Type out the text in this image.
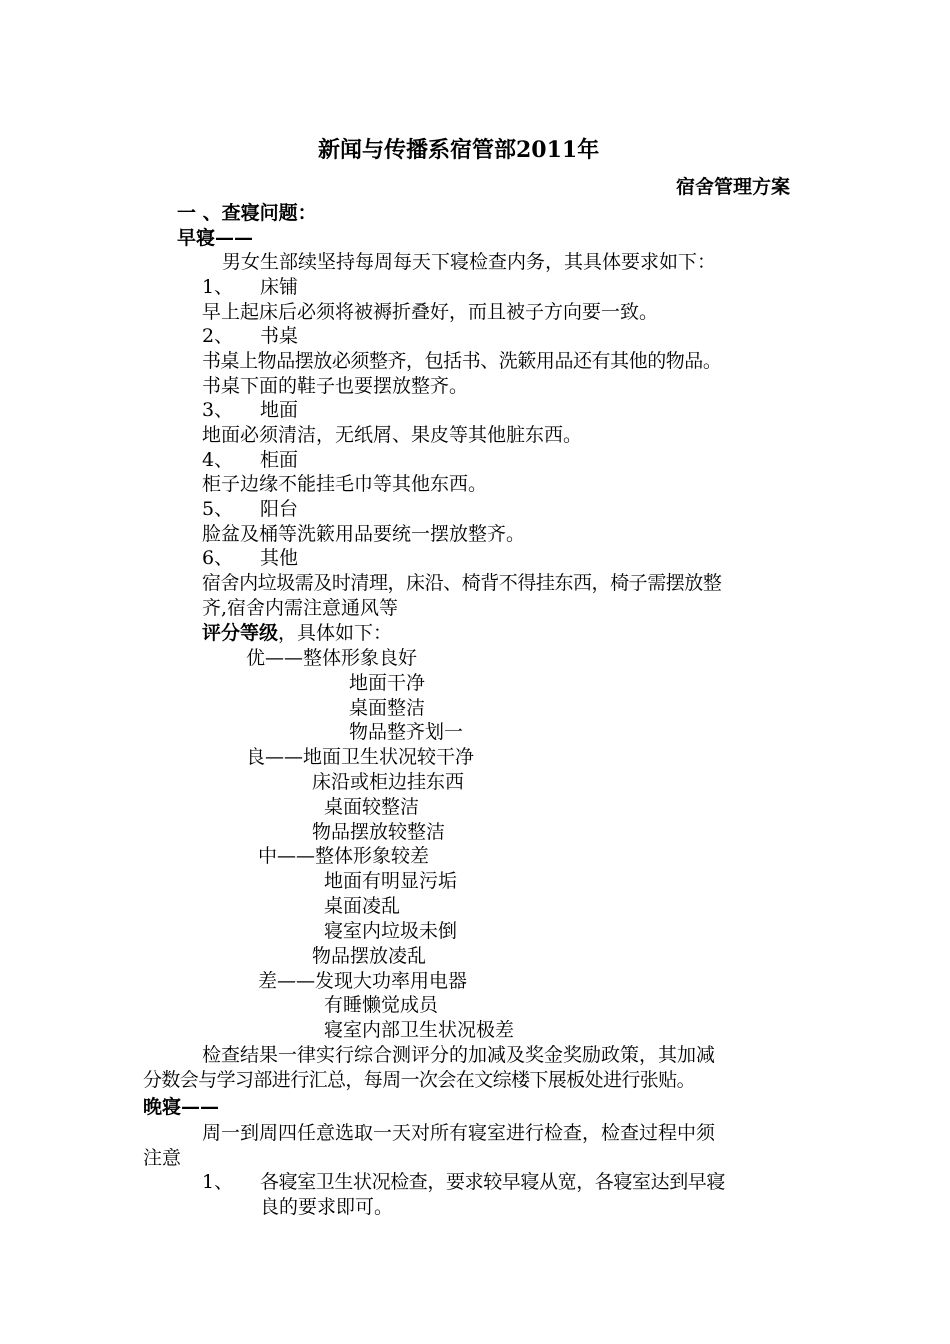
新闻与传播系宿管部2011年
宿舍管理方案
一 、查寝问题：
早寝——
男女生部续坚持每周每天下寝检查内务，其具体要求如下：
1、 床铺
早上起床后必须将被褥折叠好，而且被子方向要一致。
2、 书桌
书桌上物品摆放必须整齐，包括书、洗簌用品还有其他的物品。
书桌下面的鞋子也要摆放整齐。
3、 地面
地面必须清洁，无纸屑、果皮等其他脏东西。
4、 柜面
柜子边缘不能挂毛巾等其他东西。
5、 阳台
脸盆及桶等洗簌用品要统一摆放整齐。
6、 其他
宿舍内垃圾需及时清理，床沿、椅背不得挂东西，椅子需摆放整
齐,宿舍内需注意通风等
评分等级，具体如下：
优——整体形象良好
地面干净
桌面整洁
物品整齐划一
良——地面卫生状况较干净
床沿或柜边挂东西
桌面较整洁
物品摆放较整洁
中——整体形象较差
地面有明显污垢
桌面凌乱
寝室内垃圾未倒
物品摆放凌乱
差——发现大功率用电器
有睡懒觉成员
寝室内部卫生状况极差
检查结果一律实行综合测评分的加减及奖金奖励政策，其加减
分数会与学习部进行汇总，每周一次会在文综楼下展板处进行张贴。
晚寝——
周一到周四任意选取一天对所有寝室进行检查，检查过程中须
注意
1、 各寝室卫生状况检查，要求较早寝从宽，各寝室达到早寝
良的要求即可。
